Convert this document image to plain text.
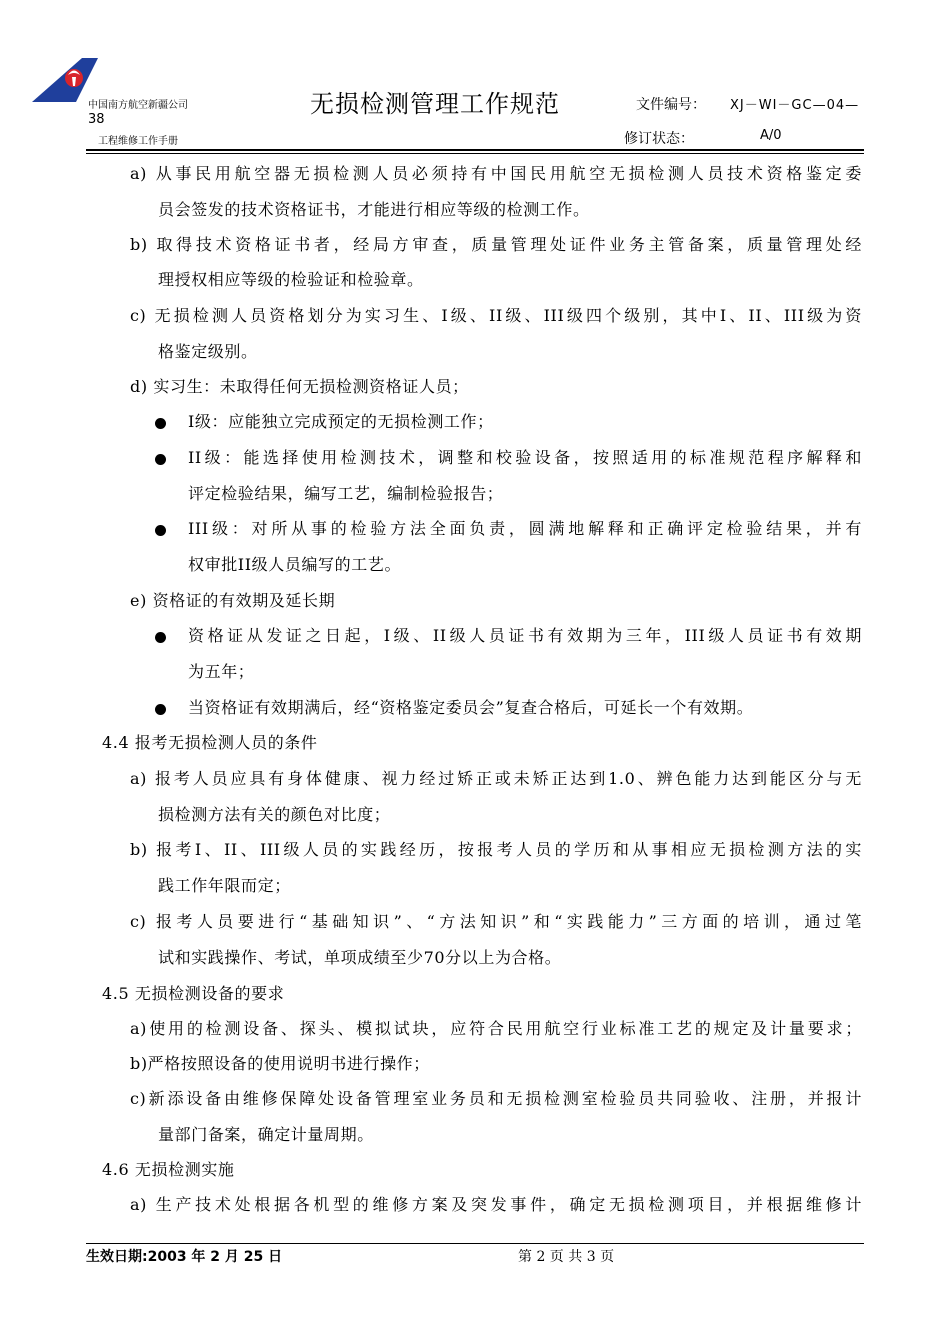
中国南方航空新疆公司
38
工程维修工作手册
无损检测管理工作规范	文件编号： XJ－WI－GC—04—
修订状态：	A/0
a) 从事民用航空器无损检测人员必须持有中国民用航空无损检测人员技术资格鉴定委
员会签发的技术资格证书，才能进行相应等级的检测工作。
b) 取得技术资格证书者，经局方审查，质量管理处证件业务主管备案，质量管理处经
理授权相应等级的检验证和检验章。
c) 无损检测人员资格划分为实习生、I级、II级、III级四个级别，其中I、II、III级为资
格鉴定级别。
d) 实习生：未取得任何无损检测资格证人员；
I级：应能独立完成预定的无损检测工作；
II级：能选择使用检测技术，调整和校验设备，按照适用的标准规范程序解释和
评定检验结果，编写工艺，编制检验报告；
III级：对所从事的检验方法全面负责，圆满地解释和正确评定检验结果，并有
权审批II级人员编写的工艺。
e) 资格证的有效期及延长期
资格证从发证之日起，I级、II级人员证书有效期为三年，III级人员证书有效期
为五年；
当资格证有效期满后，经“资格鉴定委员会”复查合格后，可延长一个有效期。
4.4 报考无损检测人员的条件
a) 报考人员应具有身体健康、视力经过矫正或未矫正达到1.0、辨色能力达到能区分与无
损检测方法有关的颜色对比度；
b) 报考I、II、III级人员的实践经历，按报考人员的学历和从事相应无损检测方法的实
践工作年限而定；
c) 报考人员要进行“基础知识”、“方法知识”和“实践能力”三方面的培训，通过笔
试和实践操作、考试，单项成绩至少70分以上为合格。
4.5 无损检测设备的要求
a)使用的检测设备、探头、模拟试块，应符合民用航空行业标准工艺的规定及计量要求；
b)严格按照设备的使用说明书进行操作；
c)新添设备由维修保障处设备管理室业务员和无损检测室检验员共同验收、注册，并报计
量部门备案，确定计量周期。
4.6 无损检测实施
a) 生产技术处根据各机型的维修方案及突发事件，确定无损检测项目，并根据维修计
生效日期:2003 年 2 月 25 日	第 2 页 共 3 页
